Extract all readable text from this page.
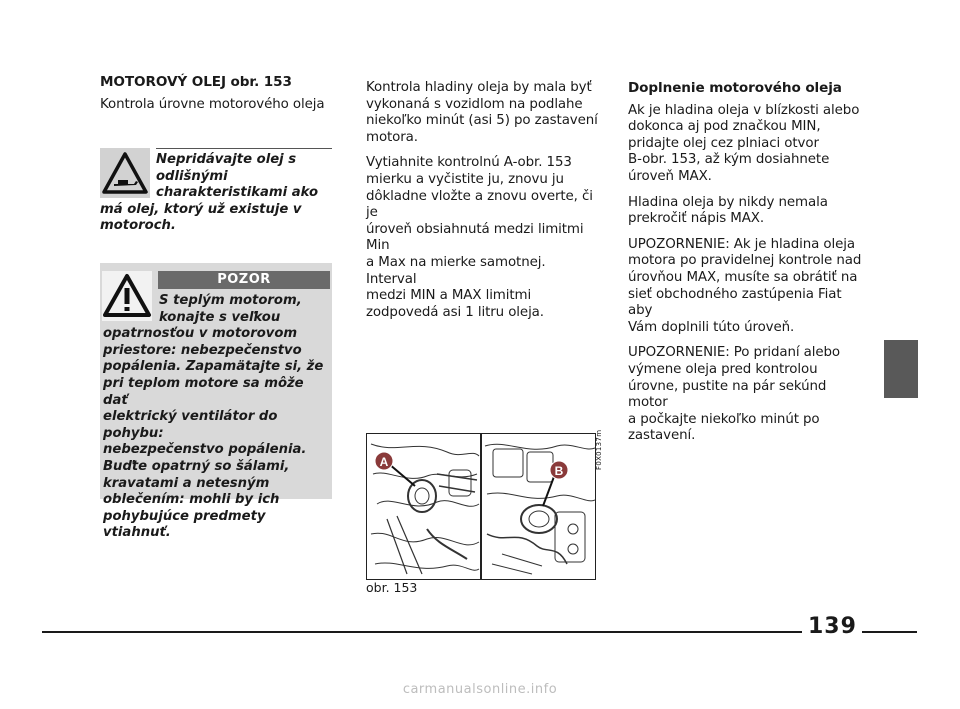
MOTOROVÝ OLEJ obr. 153

Kontrola úrovne motorového oleja

Nepridávajte olej s
odlišnými
charakteristikami ako
má olej, ktorý už existuje v
motoroch.
POZOR
S teplým motorom,
konajte s veľkou
opatrnosťou v motorovom
priestore: nebezpečenstvo
popálenia. Zapamätajte si, že
pri teplom motore sa môže dať
elektrický ventilátor do pohybu:
nebezpečenstvo popálenia.
Buďte opatrný so šálami,
kravatami a netesným
oblečením: mohli by ich
pohybujúce predmety vtiahnuť.

Kontrola hladiny oleja by mala byť
vykonaná s vozidlom na podlahe
niekoľko minút (asi 5) po zastavení
motora.

Vytiahnite kontrolnú A-obr. 153
mierku a vyčistite ju, znovu ju
dôkladne vložte a znovu overte, či je
úroveň obsiahnutá medzi limitmi Min
a Max na mierke samotnej. Interval
medzi MIN a MAX limitmi
zodpovedá asi 1 litru oleja.

Doplnenie motorového oleja

Ak je hladina oleja v blízkosti alebo
dokonca aj pod značkou MIN,
pridajte olej cez plniaci otvor
B-obr. 153, až kým dosiahnete
úroveň MAX.

Hladina oleja by nikdy nemala
prekročiť nápis MAX.

UPOZORNENIE: Ak je hladina oleja
motora po pravidelnej kontrole nad
úrovňou MAX, musíte sa obrátiť na
sieť obchodného zastúpenia Fiat aby
Vám doplnili túto úroveň.

UPOZORNENIE: Po pridaní alebo
výmene oleja pred kontrolou
úrovne, pustite na pár sekúnd motor
a počkajte niekoľko minút po
zastavení.

A
B
F0X0137m
obr. 153
139
carmanualsonline.info
